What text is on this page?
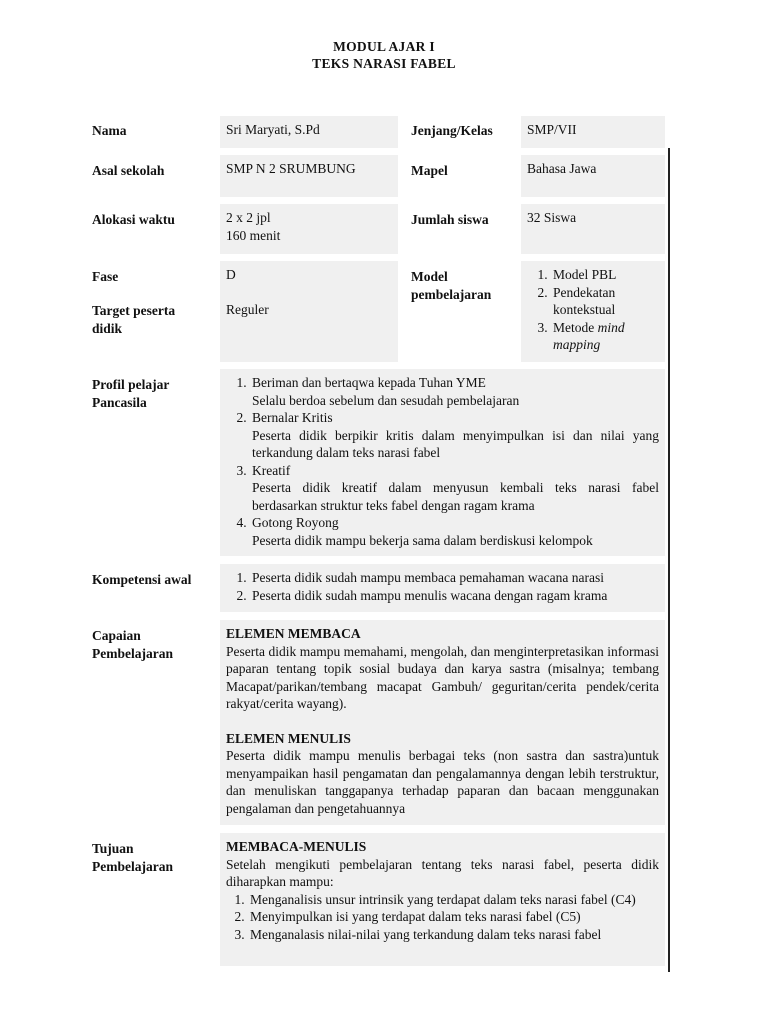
MODUL AJAR I
TEKS NARASI FABEL
Nama	Sri Maryati, S.Pd	Jenjang/Kelas	SMP/VII
Asal sekolah	SMP N 2 SRUMBUNG	Mapel	Bahasa Jawa
Alokasi waktu	2 x 2 jpl
160 menit
Jumlah siswa	32 Siswa
Fase
Target peserta
didik
D
Reguler
Model
pembelajaran
1. Model PBL
2. Pendekatan kontekstual
3. Metode mind mapping
Profil pelajar
Pancasila
1. Beriman dan bertaqwa kepada Tuhan YME
Selalu berdoa sebelum dan sesudah pembelajaran
2. Bernalar Kritis
Peserta didik berpikir kritis dalam menyimpulkan isi dan nilai yang terkandung dalam teks narasi fabel
3. Kreatif
Peserta didik kreatif dalam menyusun kembali teks narasi fabel berdasarkan struktur teks fabel dengan ragam krama
4. Gotong Royong
Peserta didik mampu bekerja sama dalam berdiskusi kelompok
Kompetensi awal
1.	Peserta didik sudah mampu membaca pemahaman wacana narasi
2. Peserta didik sudah mampu menulis wacana dengan ragam krama
Capaian
Pembelajaran
ELEMEN MEMBACA
Peserta didik mampu memahami, mengolah, dan menginterpretasikan informasi paparan tentang topik sosial budaya dan karya sastra (misalnya; tembang Macapat/parikan/tembang macapat Gambuh/ geguritan/cerita pendek/cerita rakyat/cerita wayang).
ELEMEN MENULIS
Peserta didik mampu menulis berbagai teks (non sastra dan sastra)untuk menyampaikan hasil pengamatan dan pengalamannya dengan lebih terstruktur, dan menuliskan tanggapanya terhadap paparan dan bacaan menggunakan pengalaman dan pengetahuannya
Tujuan
Pembelajaran
MEMBACA-MENULIS
Setelah mengikuti pembelajaran tentang teks narasi fabel, peserta didik diharapkan mampu:
1. Menganalisis unsur intrinsik yang terdapat dalam teks narasi fabel (C4)
2. Menyimpulkan isi yang terdapat dalam teks narasi fabel (C5)
3. Menganalasis nilai-nilai yang terkandung dalam teks narasi fabel
